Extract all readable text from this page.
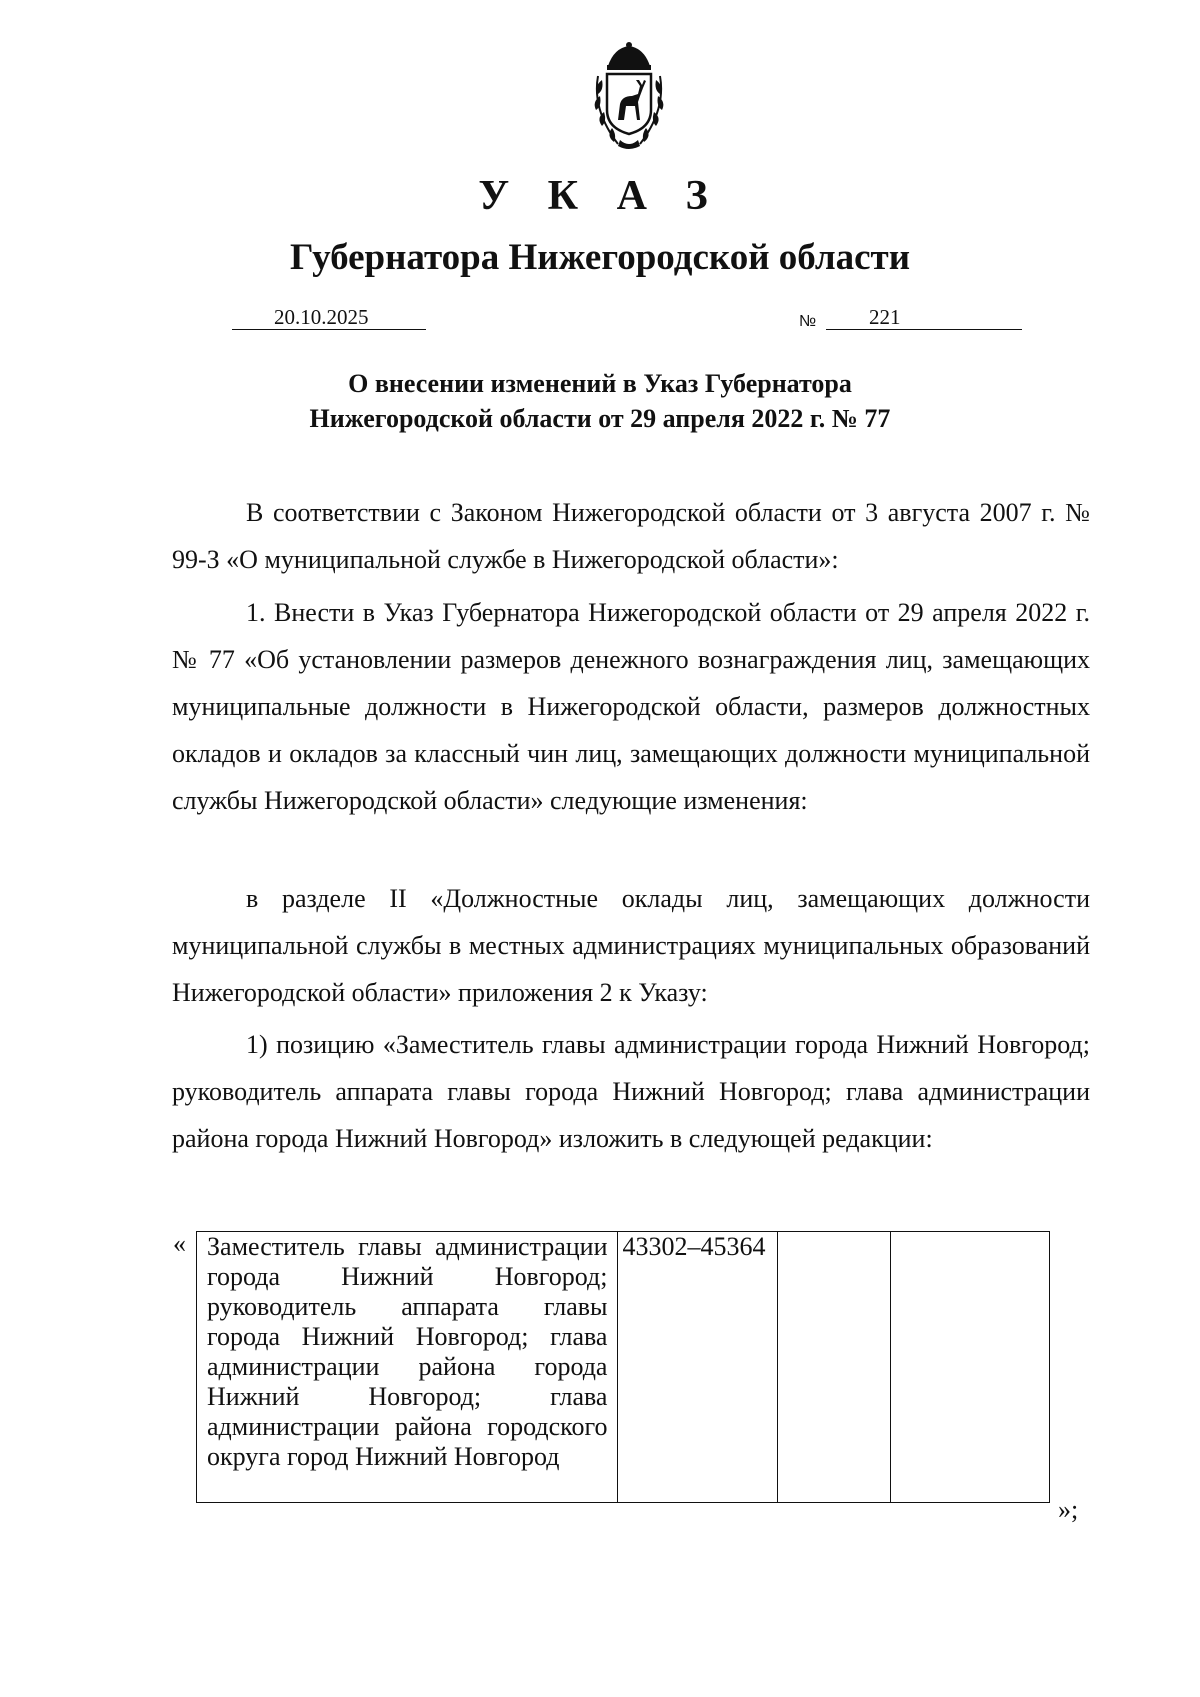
У К А З
Губернатора Нижегородской области
20.10.2025	№	221
О внесении изменений в Указ Губернатора
Нижегородской области от 29 апреля 2022 г. № 77

В соответствии с Законом Нижегородской области от 3 августа 2007 г. № 99-З «О муниципальной службе в Нижегородской области»:

1. Внести в Указ Губернатора Нижегородской области от 29 апреля 2022 г. № 77 «Об установлении размеров денежного вознаграждения лиц, замещающих муниципальные должности в Нижегородской области, размеров должностных окладов и окладов за классный чин лиц, замещающих должности муниципальной службы Нижегородской области» следующие изменения:

в разделе II «Должностные оклады лиц, замещающих должности муниципальной службы в местных администрациях муниципальных образований Нижегородской области» приложения 2 к Указу:

1) позицию «Заместитель главы администрации города Нижний Новгород; руководитель аппарата главы города Нижний Новгород; глава администрации района города Нижний Новгород» изложить в следующей редакции:

« Заместитель главы администрации города Нижний Новгород; руководитель аппарата главы города Нижний Новгород; глава администрации района города Нижний Новгород; глава администрации района городского округа город Нижний Новгород	43302–45364		
»;
